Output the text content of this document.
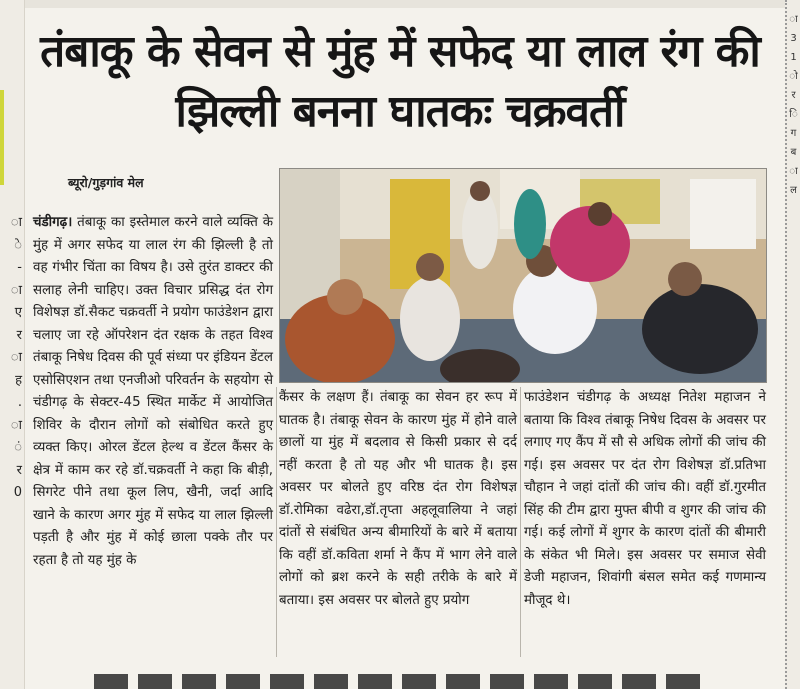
ा
े
-
ा
ए
र
ा
ह
.
ा
ं
र
0
ा
3
1
ो
र
ि
ग
ब
ा
ल
तंबाकू के सेवन से मुंह में सफेद या लाल रंग की झिल्ली बनना घातकः चक्रवर्ती
ब्यूरो/गुड़गांव मेल

चंडीगढ़। तंबाकू का इस्तेमाल करने वाले व्यक्ति के मुंह में अगर सफेद या लाल रंग की झिल्ली है तो वह गंभीर चिंता का विषय है। उसे तुरंत डाक्टर की सलाह लेनी चाहिए। उक्त विचार प्रसिद्ध दंत रोग विशेषज्ञ डॉ.सैकट चक्रवर्ती ने प्रयोग फाउंडेशन द्वारा चलाए जा रहे ऑपरेशन दंत रक्षक के तहत विश्व तंबाकू निषेध दिवस की पूर्व संध्या पर इंडियन डेंटल एसोसिएशन तथा एनजीओ परिवर्तन के सहयोग से चंडीगढ़ के सेक्टर-45 स्थित मार्केट में आयोजित शिविर के दौरान लोगों को संबोधित करते हुए व्यक्त किए। ओरल डेंटल हेल्थ व डेंटल कैंसर के क्षेत्र में काम कर रहे डॉ.चक्रवर्ती ने कहा कि बीड़ी, सिगरेट पीने तथा कूल लिप, खैनी, जर्दा आदि खाने के कारण अगर मुंह में सफेद या लाल झिल्ली पड़ती है और मुंह में कोई छाला पक्के तौर पर रहता है तो यह मुंह के

कैंसर के लक्षण हैं। तंबाकू का सेवन हर रूप में घातक है। तंबाकू सेवन के कारण मुंह में होने वाले छालों या मुंह में बदलाव से किसी प्रकार से दर्द नहीं करता है तो यह और भी घातक है। इस अवसर पर बोलते हुए वरिष्ठ दंत रोग विशेषज्ञ डॉ.रोमिका वढेरा,डॉ.तृप्ता अहलूवालिया ने जहां दांतों से संबंधित अन्य बीमारियों के बारे में बताया कि वहीं डॉ.कविता शर्मा ने कैंप में भाग लेने वाले लोगों को ब्रश करने के सही तरीके के बारे में बताया। इस अवसर पर बोलते हुए प्रयोग

फाउंडेशन चंडीगढ़ के अध्यक्ष नितेश महाजन ने बताया कि विश्व तंबाकू निषेध दिवस के अवसर पर लगाए गए कैंप में सौ से अधिक लोगों की जांच की गई। इस अवसर पर दंत रोग विशेषज्ञ डॉ.प्रतिभा चौहान ने जहां दांतों की जांच की। वहीं डॉ.गुरमीत सिंह की टीम द्वारा मुफ्त बीपी व शुगर की जांच की गई। कई लोगों में शुगर के कारण दांतों की बीमारी के संकेत भी मिले। इस अवसर पर समाज सेवी डेजी महाजन, शिवांगी बंसल समेत कई गणमान्य मौजूद थे।
